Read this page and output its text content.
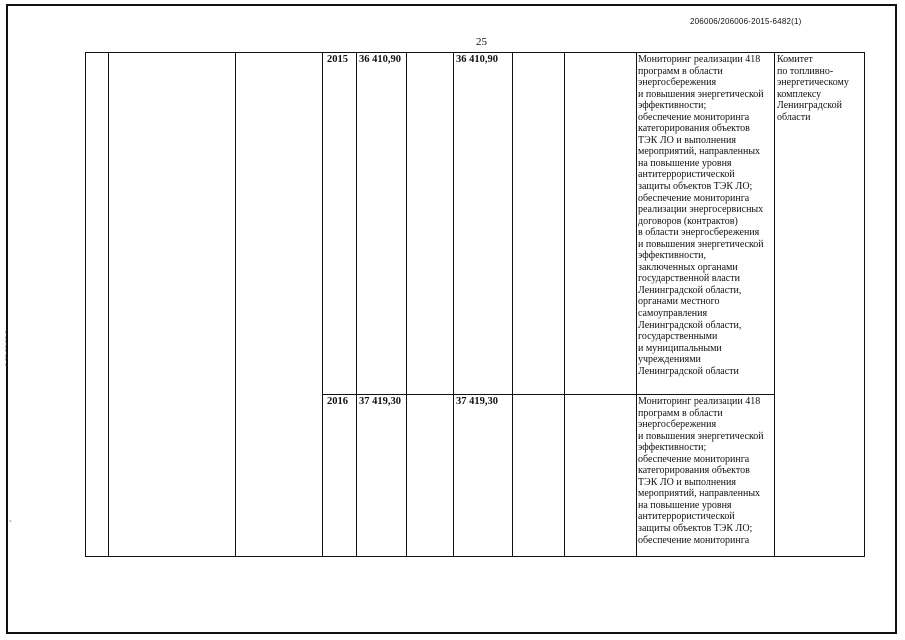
206006/206006-2015-6482(1)
25
¦
¦
¦
¦
`
2015 36 410,90	36 410,90	Мониторинг реализации 418
программ в области
энергосбережения
и повышения энергетической
эффективности;
обеспечение мониторинга
категорирования объектов
ТЭК ЛО и выполнения
мероприятий, направленных
на повышение уровня
антитеррористической
защиты объектов ТЭК ЛО;
обеспечение мониторинга
реализации энергосервисных
договоров (контрактов)
в области энергосбережения
и повышения энергетической
эффективности,
заключенных органами
государственной власти
Ленинградской области,
органами местного
самоуправления
Ленинградской области,
государственными
и муниципальными
учреждениями
Ленинградской области
Комитет
по топливно-
энергетическому
комплексу
Ленинградской
области
2016 37 419,30	37 419,30	Мониторинг реализации 418
программ в области
энергосбережения
и повышения энергетической
эффективности;
обеспечение мониторинга
категорирования объектов
ТЭК ЛО и выполнения
мероприятий, направленных
на повышение уровня
антитеррористической
защиты объектов ТЭК ЛО;
обеспечение мониторинга
